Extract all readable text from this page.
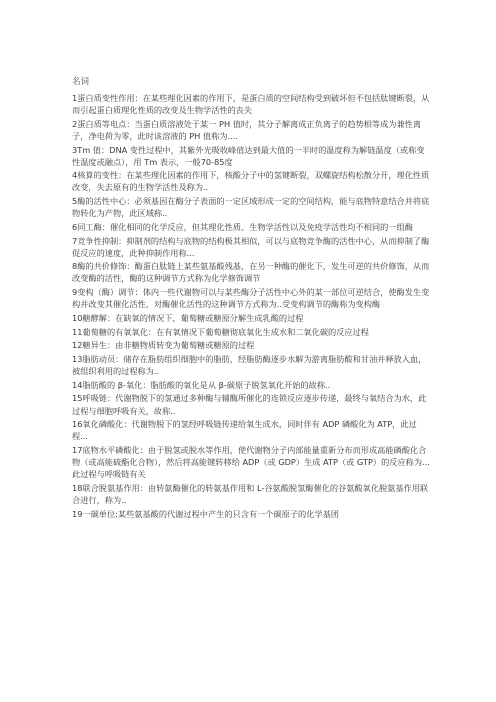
名词

1蛋白质变性作用：在某些理化因素的作用下，是蛋白质的空间结构受到破坏但不包括肽键断裂，从而引起蛋白质理化性质的改变及生物学活性的丧失

2蛋白质等电点：当蛋白质溶液处于某一 PH 值时，其分子解离成正负离子的趋势相等成为兼性离子，净电荷为零，此时该溶液的 PH 值称为....

3Tm 值：DNA 变性过程中，其紫外光吸收峰值达到最大值的一半时的温度称为解链温度（或称变性温度或融点），用 Tm 表示，一般70-85度

4核算的变性：在某些理化因素的作用下，核酸分子中的氢键断裂，双螺旋结构松散分开，理化性质改变，失去原有的生物学活性及称为..

5酶的活性中心：必须基因在酶分子表面的一定区域形成一定的空间结构，能与底物特意结合并将底物转化为产物，此区域称..

6同工酶：催化相同的化学反应，但其理化性质、生物学活性以及免疫学活性均不相同的一组酶

7竞争性抑制：抑制剂的结构与底物的结构极其相似，可以与底物竞争酶的活性中心，从而抑制了酶促反应的速度，此种抑制作用称...

8酶的共价修饰：酶蛋白肽链上某些氨基酸残基，在另一种酶的催化下，发生可逆的共价修饰，从而改变酶的活性，酶的这种调节方式称为化学修饰调节

9变构（酶）调节：体内一些代谢物可以与某些酶分子活性中心外的某一部位可逆结合，使酶发生变构并改变其催化活性，对酶催化活性的这种调节方式称为..受变构调节的酶称为变构酶

10糖酵解：在缺氧的情况下，葡萄糖或糖原分解生成乳酸的过程

11葡萄糖的有氧氧化：在有氧情况下葡萄糖彻底氧化生成水和二氧化碳的反应过程

12糖异生：由非糖物质转变为葡萄糖或糖原的过程

13脂肪动员：储存在脂肪组织细胞中的脂肪，经脂肪酶逐步水解为游离脂肪酸和甘油并释放入血，被组织利用的过程称为..

14脂肪酸的 β-氧化：脂肪酸的氧化是从 β-碳原子脱氢氧化开始的故称..

15呼吸链：代谢物脱下的氢通过多种酶与辅酶所催化的连锁反应逐步传递，最终与氧结合为水，此过程与细胞呼吸有关，故称..

16氧化磷酸化：代谢物脱下的氢经呼吸链传递给氧生成水，同时伴有 ADP 磷酸化为 ATP，此过程...

17底物水平磷酸化：由于脱氢或脱水等作用，使代谢物分子内部能量重新分布而形成高能磷酸化合物（或高能硫酯化合物），然后将高能键转移给 ADP（或 GDP）生成 ATP（或 GTP）的反应称为...此过程与呼吸链有关

18联合脱氨基作用：由转氨酶催化的转氨基作用和 L-谷氨酸脱氢酶催化的谷氨酸氧化脱氨基作用联合进行，称为..

19一碳单位:某些氨基酸的代谢过程中产生的只含有一个碳原子的化学基团
